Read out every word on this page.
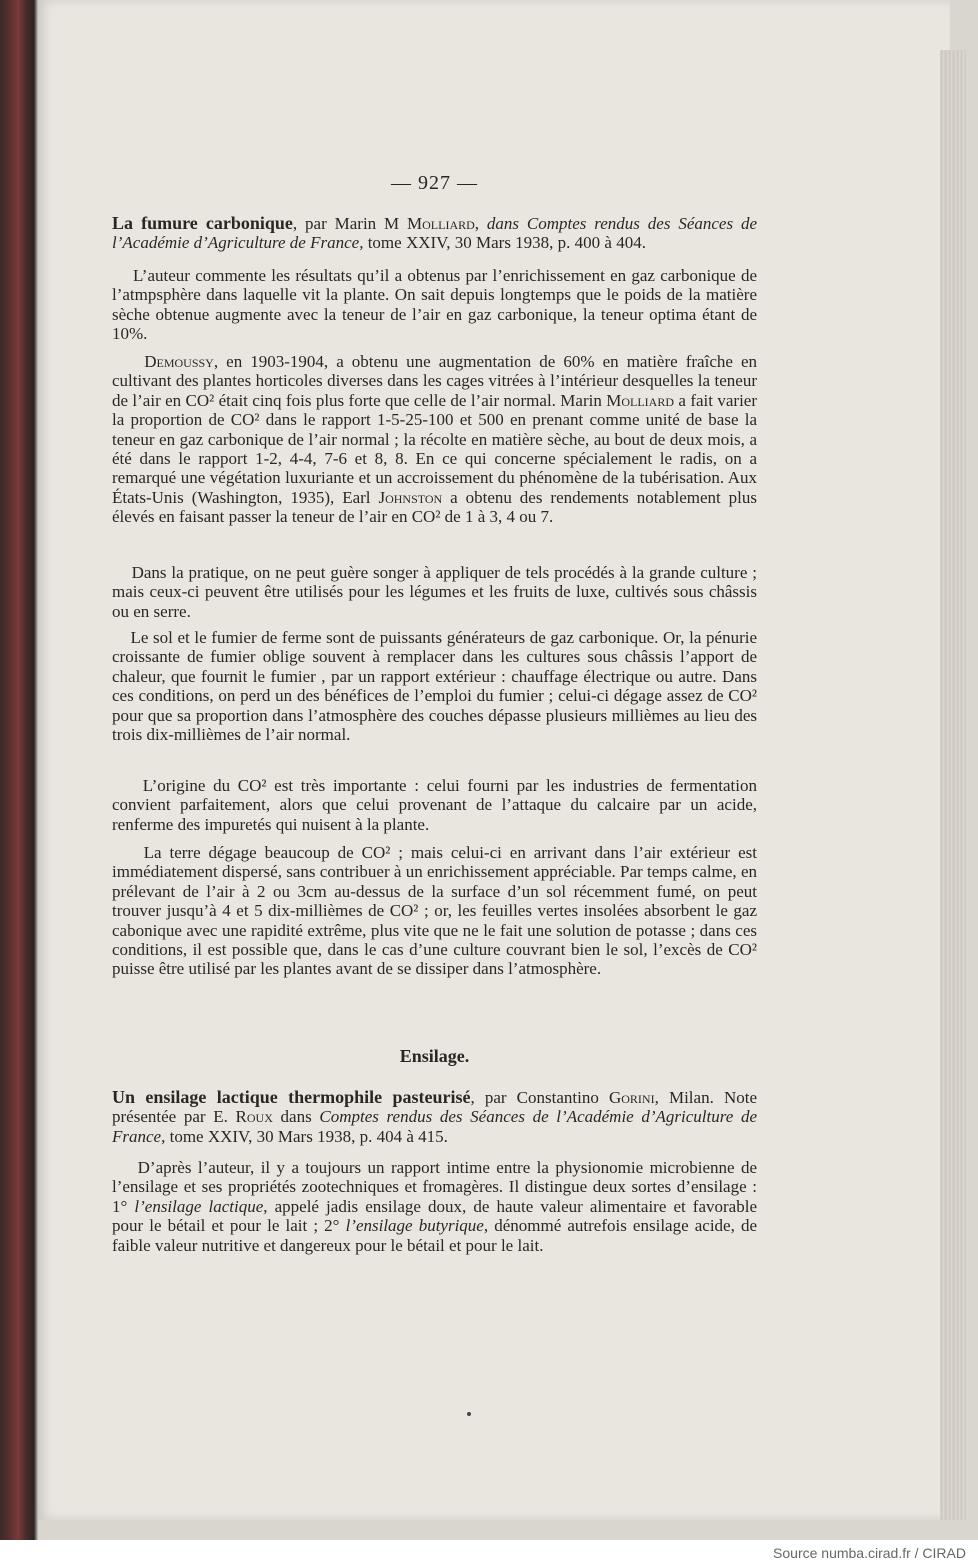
— 927 —
La fumure carbonique, par Marin M Molliard, dans Comptes rendus des Séances de l’Académie d’Agriculture de France, tome XXIV, 30 Mars 1938, p. 400 à 404.

L’auteur commente les résultats qu’il a obtenus par l’enrichissement en gaz carbonique de l’atmpsphère dans laquelle vit la plante. On sait depuis longtemps que le poids de la matière sèche obtenue augmente avec la teneur de l’air en gaz carbonique, la teneur optima étant de 10%.

Demoussy, en 1903-1904, a obtenu une augmentation de 60% en matière fraîche en cultivant des plantes horticoles diverses dans les cages vitrées à l’intérieur desquelles la teneur de l’air en CO² était cinq fois plus forte que celle de l’air normal. Marin Molliard a fait varier la proportion de CO² dans le rapport 1-5-25-100 et 500 en prenant comme unité de base la teneur en gaz carbonique de l’air normal ; la récolte en matière sèche, au bout de deux mois, a été dans le rapport 1-2, 4-4, 7-6 et 8, 8. En ce qui concerne spécialement le radis, on a remarqué une végétation luxuriante et un accroissement du phénomène de la tubérisation. Aux États-Unis (Washington, 1935), Earl Johnston a obtenu des rendements notablement plus élevés en faisant passer la teneur de l’air en CO² de 1 à 3, 4 ou 7.

Dans la pratique, on ne peut guère songer à appliquer de tels procédés à la grande culture ; mais ceux-ci peuvent être utilisés pour les légumes et les fruits de luxe, cultivés sous châssis ou en serre.

Le sol et le fumier de ferme sont de puissants générateurs de gaz carbonique. Or, la pénurie croissante de fumier oblige souvent à remplacer dans les cultures sous châssis l’apport de chaleur, que fournit le fumier , par un rapport extérieur : chauffage électrique ou autre. Dans ces conditions, on perd un des bénéfices de l’emploi du fumier ; celui-ci dégage assez de CO² pour que sa proportion dans l’atmosphère des couches dépasse plusieurs millièmes au lieu des trois dix-millièmes de l’air normal.

L’origine du CO² est très importante : celui fourni par les industries de fermentation convient parfaitement, alors que celui provenant de l’attaque du calcaire par un acide, renferme des impuretés qui nuisent à la plante.

La terre dégage beaucoup de CO² ; mais celui-ci en arrivant dans l’air extérieur est immédiatement dispersé, sans contribuer à un enrichissement appréciable. Par temps calme, en prélevant de l’air à 2 ou 3cm au-dessus de la surface d’un sol récemment fumé, on peut trouver jusqu’à 4 et 5 dix-millièmes de CO² ; or, les feuilles vertes insolées absorbent le gaz cabonique avec une rapidité extrême, plus vite que ne le fait une solution de potasse ; dans ces conditions, il est possible que, dans le cas d’une culture couvrant bien le sol, l’excès de CO² puisse être utilisé par les plantes avant de se dissiper dans l’atmosphère.

Ensilage.
Un ensilage lactique thermophile pasteurisé, par Constantino Gorini, Milan. Note présentée par E. Roux dans Comptes rendus des Séances de l’Académie d’Agriculture de France, tome XXIV, 30 Mars 1938, p. 404 à 415.

D’après l’auteur, il y a toujours un rapport intime entre la physionomie microbienne de l’ensilage et ses propriétés zootechniques et fromagères. Il distingue deux sortes d’ensilage : 1° l’ensilage lactique, appelé jadis ensilage doux, de haute valeur alimentaire et favorable pour le bétail et pour le lait ; 2° l’ensilage butyrique, dénommé autrefois ensilage acide, de faible valeur nutritive et dangereux pour le bétail et pour le lait.

Source numba.cirad.fr / CIRAD
